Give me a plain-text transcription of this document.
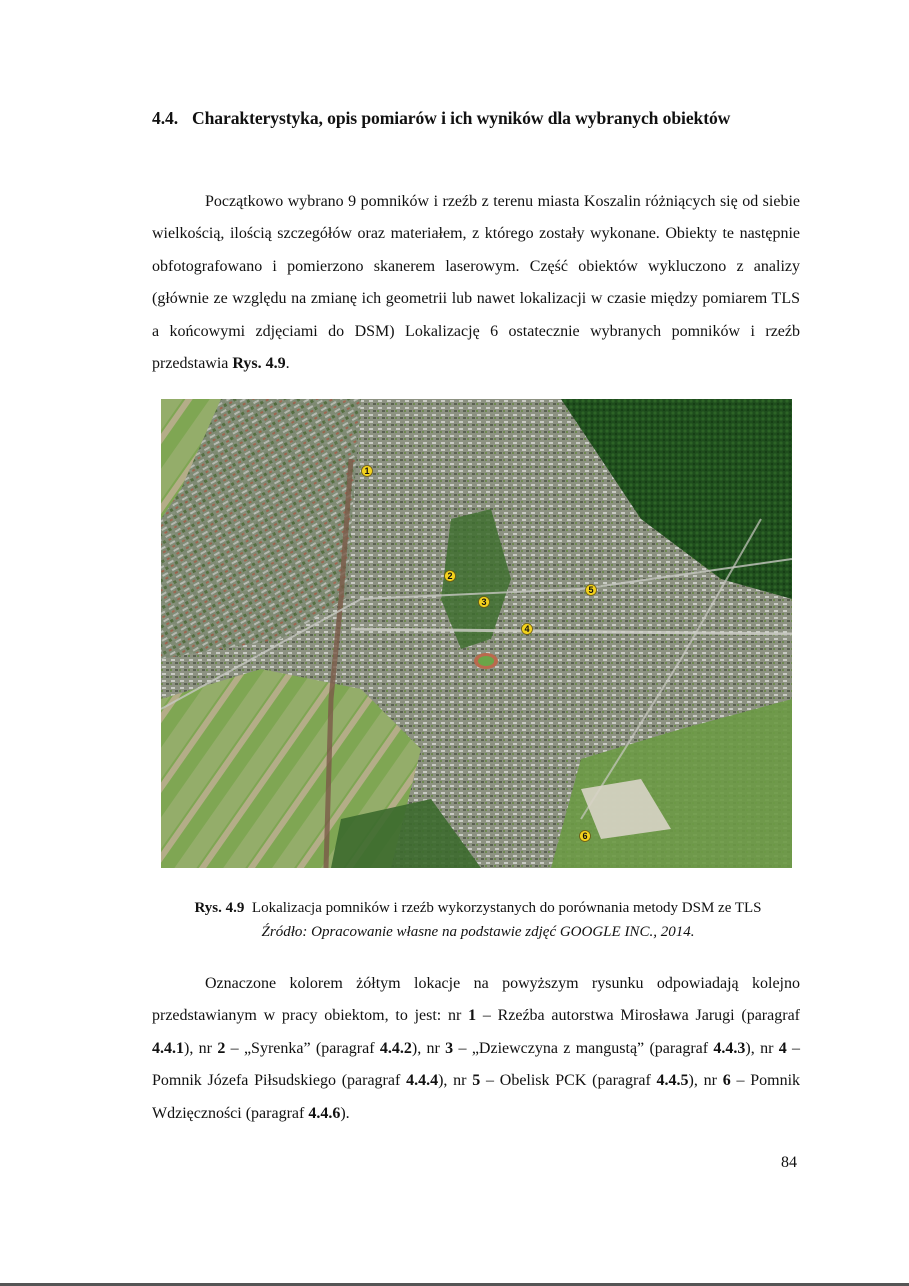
4.4. Charakterystyka, opis pomiarów i ich wyników dla wybranych obiektów
Początkowo wybrano 9 pomników i rzeźb z terenu miasta Koszalin różniących się od siebie wielkością, ilością szczegółów oraz materiałem, z którego zostały wykonane. Obiekty te następnie obfotografowano i pomierzono skanerem laserowym. Część obiektów wykluczono z analizy (głównie ze względu na zmianę ich geometrii lub nawet lokalizacji w czasie między pomiarem TLS a końcowymi zdjęciami do DSM) Lokalizację 6 ostatecznie wybranych pomników i rzeźb przedstawia Rys. 4.9.
1
2
3
4
5
6
Rys. 4.9 Lokalizacja pomników i rzeźb wykorzystanych do porównania metody DSM ze TLS
Źródło: Opracowanie własne na podstawie zdjęć GOOGLE INC., 2014.
Oznaczone kolorem żółtym lokacje na powyższym rysunku odpowiadają kolejno przedstawianym w pracy obiektom, to jest: nr 1 – Rzeźba autorstwa Mirosława Jarugi (paragraf 4.4.1), nr 2 – „Syrenka” (paragraf 4.4.2), nr 3 – „Dziewczyna z mangustą” (paragraf 4.4.3), nr 4 – Pomnik Józefa Piłsudskiego (paragraf 4.4.4), nr 5 – Obelisk PCK (paragraf 4.4.5), nr 6 – Pomnik Wdzięczności (paragraf 4.4.6).
84
